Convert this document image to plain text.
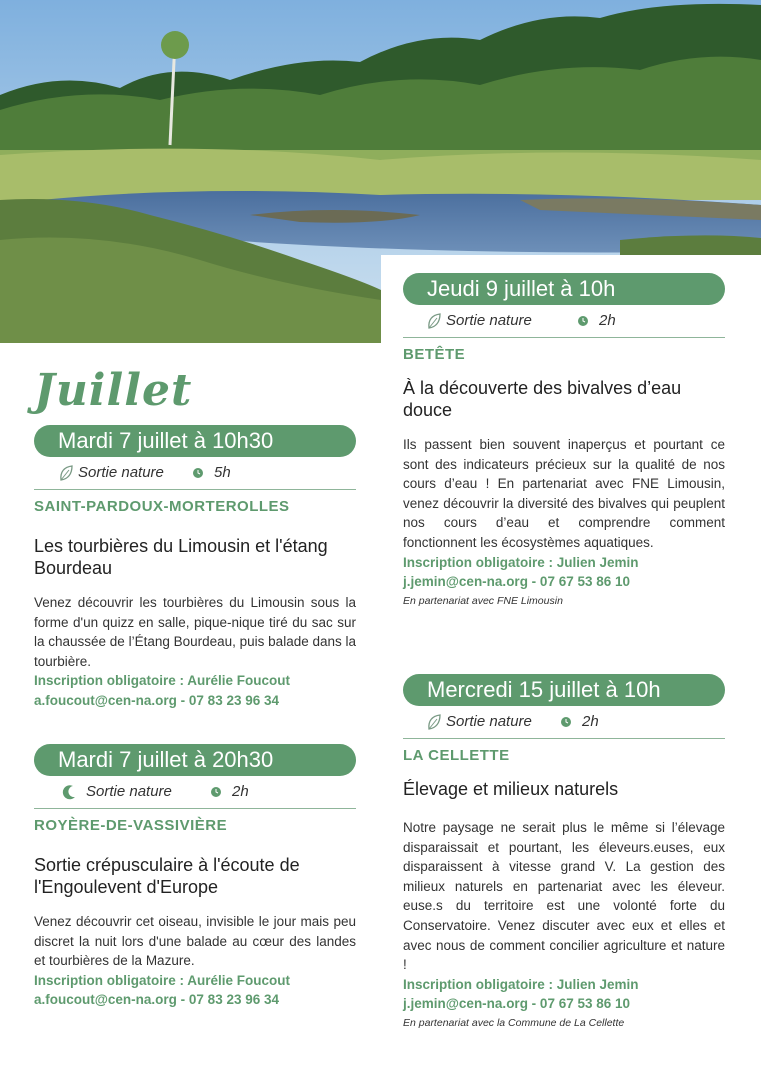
Juillet
Mardi 7 juillet à 10h30
Sortie nature	5h
SAINT-PARDOUX-MORTEROLLES
Les tourbières du Limousin et l'étang Bourdeau
Venez découvrir les tourbières du Limousin sous la forme d'un quizz en salle, pique-nique tiré du sac sur la chaussée de l’Étang Bourdeau, puis balade dans la tourbière.
Inscription obligatoire : Aurélie Foucout
a.foucout@cen-na.org - 07 83 23 96 34
Mardi 7 juillet à 20h30
Sortie nature	2h
ROYÈRE-DE-VASSIVIÈRE
Sortie crépusculaire à l'écoute de l'Engoulevent d'Europe
Venez découvrir cet oiseau, invisible le jour mais peu discret la nuit lors d'une balade au cœur des landes et tourbières de la Mazure.
Inscription obligatoire : Aurélie Foucout
a.foucout@cen-na.org - 07 83 23 96 34
Jeudi 9 juillet à 10h
Sortie nature	2h
BETÊTE
À la découverte des bivalves d’eau douce
Ils passent bien souvent inaperçus et pourtant ce sont des indicateurs précieux sur la qualité de nos cours d’eau ! En partenariat avec FNE Limousin, venez découvrir la diversité des bivalves qui peuplent nos cours d’eau et comprendre comment fonctionnent les écosystèmes aquatiques.
Inscription obligatoire : Julien Jemin
j.jemin@cen-na.org - 07 67 53 86 10
En partenariat avec FNE Limousin
Mercredi 15 juillet à 10h
Sortie nature	2h
LA CELLETTE
Élevage et milieux naturels
Notre paysage ne serait plus le même si l’élevage disparaissait et pourtant, les éleveurs.euses, eux disparaissent à vitesse grand V. La gestion des milieux naturels en partenariat avec les éleveur. euse.s du territoire est une volonté forte du Conservatoire. Venez discuter avec eux et elles et avec nous de comment concilier agriculture et nature !
Inscription obligatoire : Julien Jemin
j.jemin@cen-na.org - 07 67 53 86 10
En partenariat avec la Commune de La Cellette
